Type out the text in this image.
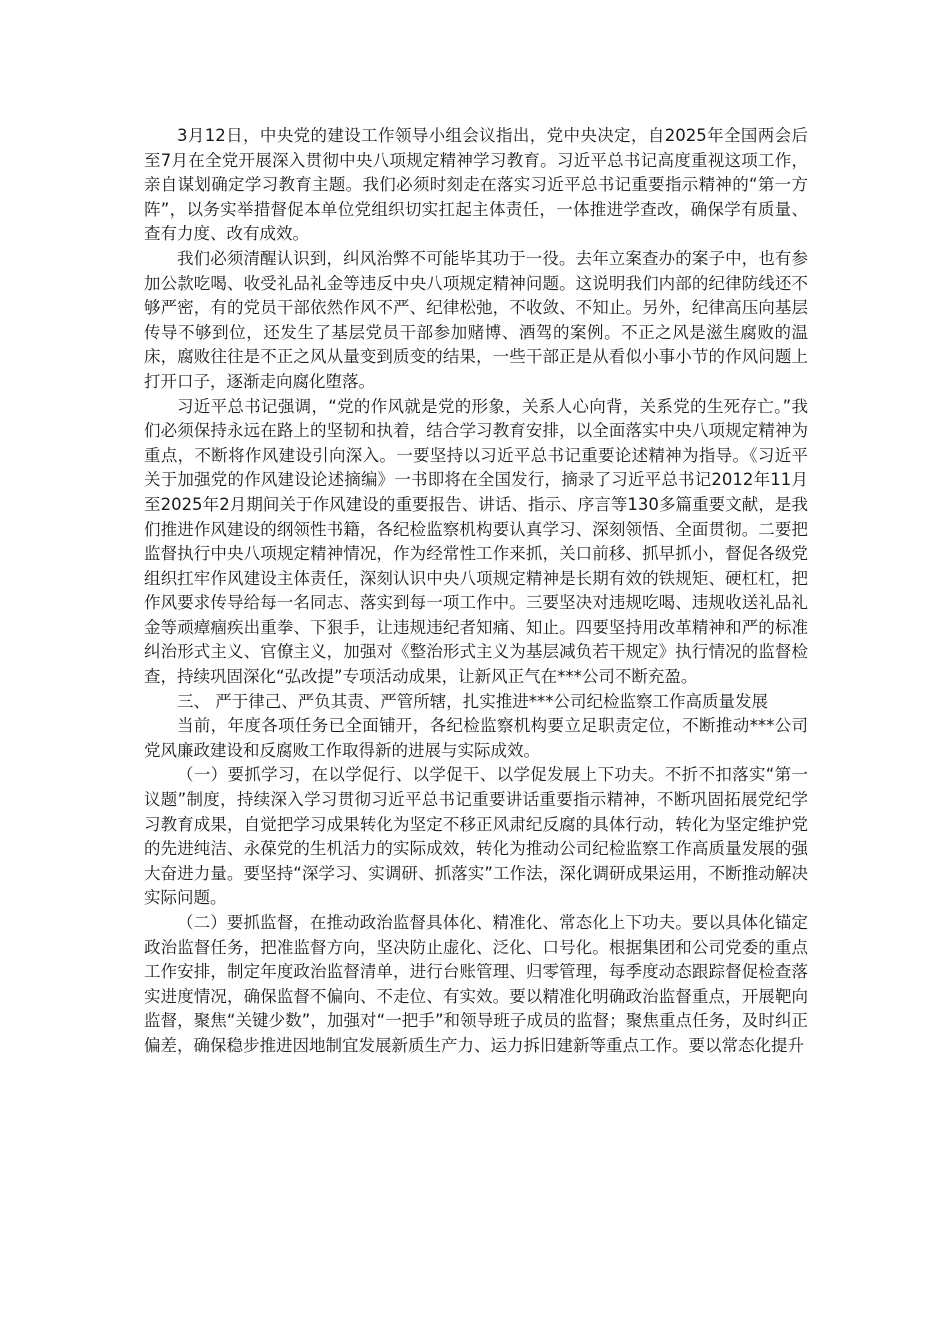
3月12日，中央党的建设工作领导小组会议指出，党中央决定，自2025年全国两会后至7月在全党开展深入贯彻中央八项规定精神学习教育。习近平总书记高度重视这项工作，亲自谋划确定学习教育主题。我们必须时刻走在落实习近平总书记重要指示精神的“第一方阵”，以务实举措督促本单位党组织切实扛起主体责任，一体推进学查改，确保学有质量、查有力度、改有成效。

我们必须清醒认识到，纠风治弊不可能毕其功于一役。去年立案查办的案子中，也有参加公款吃喝、收受礼品礼金等违反中央八项规定精神问题。这说明我们内部的纪律防线还不够严密，有的党员干部依然作风不严、纪律松弛，不收敛、不知止。另外，纪律高压向基层传导不够到位，还发生了基层党员干部参加赌博、酒驾的案例。不正之风是滋生腐败的温床，腐败往往是不正之风从量变到质变的结果，一些干部正是从看似小事小节的作风问题上打开口子，逐渐走向腐化堕落。

习近平总书记强调，“党的作风就是党的形象，关系人心向背，关系党的生死存亡。”我们必须保持永远在路上的坚韧和执着，结合学习教育安排，以全面落实中央八项规定精神为重点，不断将作风建设引向深入。一要坚持以习近平总书记重要论述精神为指导。《习近平关于加强党的作风建设论述摘编》一书即将在全国发行，摘录了习近平总书记2012年11月至2025年2月期间关于作风建设的重要报告、讲话、指示、序言等130多篇重要文献，是我们推进作风建设的纲领性书籍，各纪检监察机构要认真学习、深刻领悟、全面贯彻。二要把监督执行中央八项规定精神情况，作为经常性工作来抓，关口前移、抓早抓小，督促各级党组织扛牢作风建设主体责任，深刻认识中央八项规定精神是长期有效的铁规矩、硬杠杠，把作风要求传导给每一名同志、落实到每一项工作中。三要坚决对违规吃喝、违规收送礼品礼金等顽瘴痼疾出重拳、下狠手，让违规违纪者知痛、知止。四要坚持用改革精神和严的标准纠治形式主义、官僚主义，加强对《整治形式主义为基层减负若干规定》执行情况的监督检查，持续巩固深化“弘改提”专项活动成果，让新风正气在***公司不断充盈。

三、 严于律己、严负其责、严管所辖，扎实推进***公司纪检监察工作高质量发展

当前，年度各项任务已全面铺开，各纪检监察机构要立足职责定位，不断推动***公司党风廉政建设和反腐败工作取得新的进展与实际成效。

（一）要抓学习，在以学促行、以学促干、以学促发展上下功夫。不折不扣落实“第一议题”制度，持续深入学习贯彻习近平总书记重要讲话重要指示精神，不断巩固拓展党纪学习教育成果，自觉把学习成果转化为坚定不移正风肃纪反腐的具体行动，转化为坚定维护党的先进纯洁、永葆党的生机活力的实际成效，转化为推动公司纪检监察工作高质量发展的强大奋进力量。要坚持“深学习、实调研、抓落实”工作法，深化调研成果运用，不断推动解决实际问题。

（二）要抓监督，在推动政治监督具体化、精准化、常态化上下功夫。要以具体化锚定政治监督任务，把准监督方向，坚决防止虚化、泛化、口号化。根据集团和公司党委的重点工作安排，制定年度政治监督清单，进行台账管理、归零管理，每季度动态跟踪督促检查落实进度情况，确保监督不偏向、不走位、有实效。要以精准化明确政治监督重点，开展靶向监督，聚焦“关键少数”，加强对“一把手”和领导班子成员的监督；聚焦重点任务，及时纠正偏差，确保稳步推进因地制宜发展新质生产力、运力拆旧建新等重点工作。要以常态化提升
